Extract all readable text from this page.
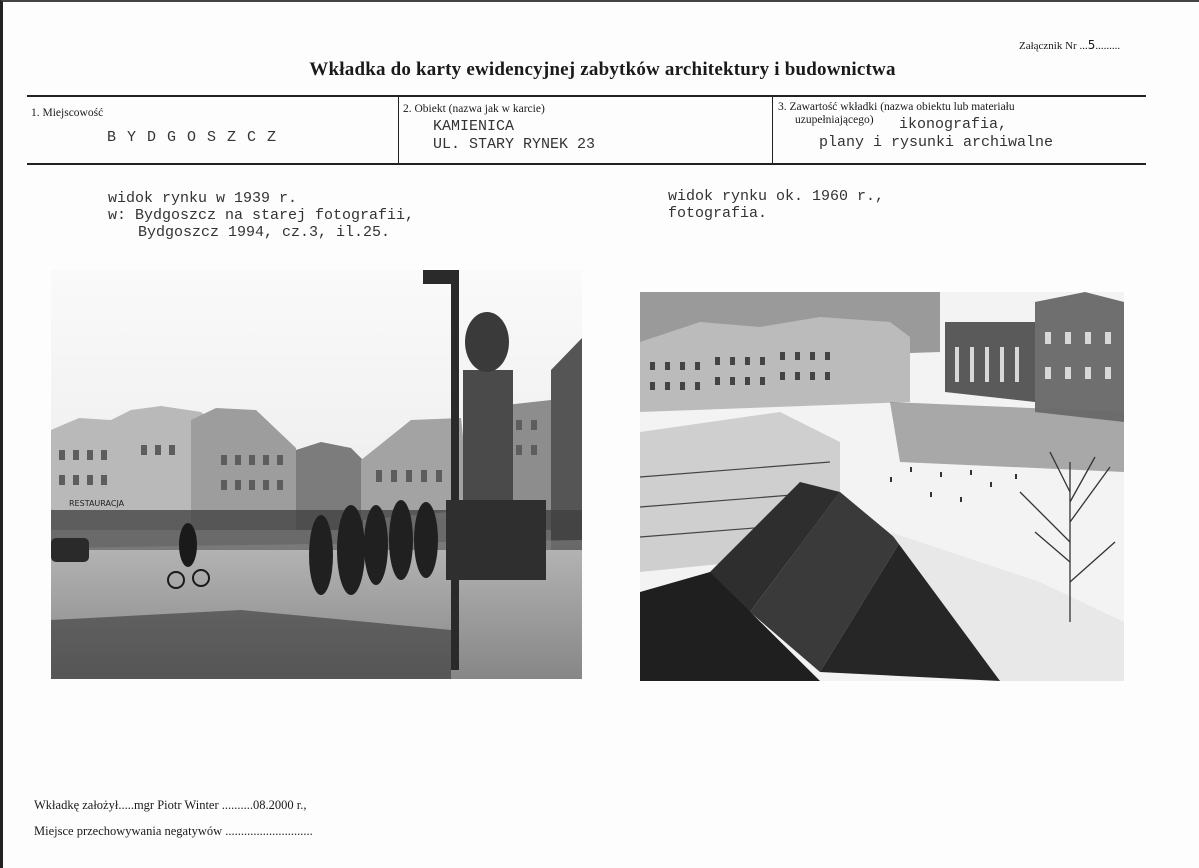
Załącznik Nr ...5.........
Wkładka do karty ewidencyjnej zabytków architektury i budownictwa
1. Miejscowość
B Y D G O S Z C Z
2. Obiekt (nazwa jak w karcie)
KAMIENICA
UL. STARY RYNEK 23
3. Zawartość wkładki (nazwa obiektu lub materiału
uzupełniającego) ikonografia,
plany i rysunki archiwalne
widok rynku w 1939 r.
w: Bydgoszcz na starej fotografii,
Bydgoszcz 1994, cz.3, il.25.
widok rynku ok. 1960 r.,
fotografia.
RESTAURACJA
Wkładkę założył.....mgr Piotr Winter ..........08.2000 r.,
Miejsce przechowywania negatywów ............................
